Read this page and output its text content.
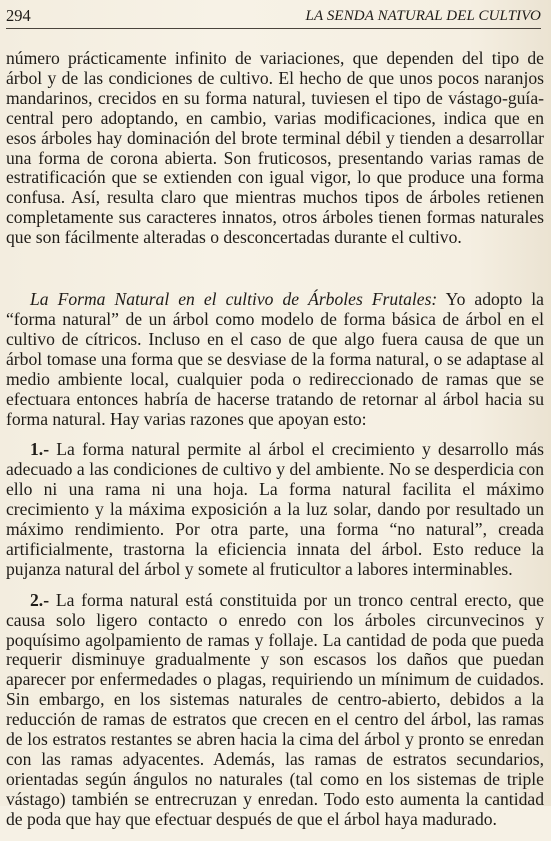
294	LA SENDA NATURAL DEL CULTIVO

número prácticamente infinito de variaciones, que dependen del tipo de árbol y de las condiciones de cultivo. El hecho de que unos pocos naranjos mandarinos, crecidos en su forma natural, tuviesen el tipo de vástago-guía-central pero adoptando, en cambio, varias modificaciones, indica que en esos árboles hay dominación del brote terminal débil y tienden a desarrollar una forma de corona abierta. Son fruticosos, presentando varias ramas de estratificación que se extienden con igual vigor, lo que produce una forma confusa. Así, resulta claro que mientras muchos tipos de árboles retienen completamente sus caracteres innatos, otros árboles tienen formas naturales que son fácilmente alteradas o desconcertadas durante el cultivo.

La Forma Natural en el cultivo de Árboles Frutales: Yo adopto la “forma natural” de un árbol como modelo de forma básica de árbol en el cultivo de cítricos. Incluso en el caso de que algo fuera causa de que un árbol tomase una forma que se desviase de la forma natural, o se adaptase al medio ambiente local, cualquier poda o redireccionado de ramas que se efectuara entonces habría de hacerse tratando de retornar al árbol hacia su forma natural. Hay varias razones que apoyan esto:

1.- La forma natural permite al árbol el crecimiento y desarrollo más adecuado a las condiciones de cultivo y del ambiente. No se desperdicia con ello ni una rama ni una hoja. La forma natural facilita el máximo crecimiento y la máxima exposición a la luz solar, dando por resultado un máximo rendimiento. Por otra parte, una forma “no natural”, creada artificialmente, trastorna la eficiencia innata del árbol. Esto reduce la pujanza natural del árbol y somete al fruticultor a labores interminables.

2.- La forma natural está constituida por un tronco central erecto, que causa solo ligero contacto o enredo con los árboles circunvecinos y poquísimo agolpamiento de ramas y follaje. La cantidad de poda que pueda requerir disminuye gradualmente y son escasos los daños que puedan aparecer por enfermedades o plagas, requiriendo un mínimum de cuidados. Sin embargo, en los sistemas naturales de centro-abierto, debidos a la reducción de ramas de estratos que crecen en el centro del árbol, las ramas de los estratos restantes se abren hacia la cima del árbol y pronto se enredan con las ramas adyacentes. Además, las ramas de estratos secundarios, orientadas según ángulos no naturales (tal como en los sistemas de triple vástago) también se entrecruzan y enredan. Todo esto aumenta la cantidad de poda que hay que efectuar después de que el árbol haya madurado.
